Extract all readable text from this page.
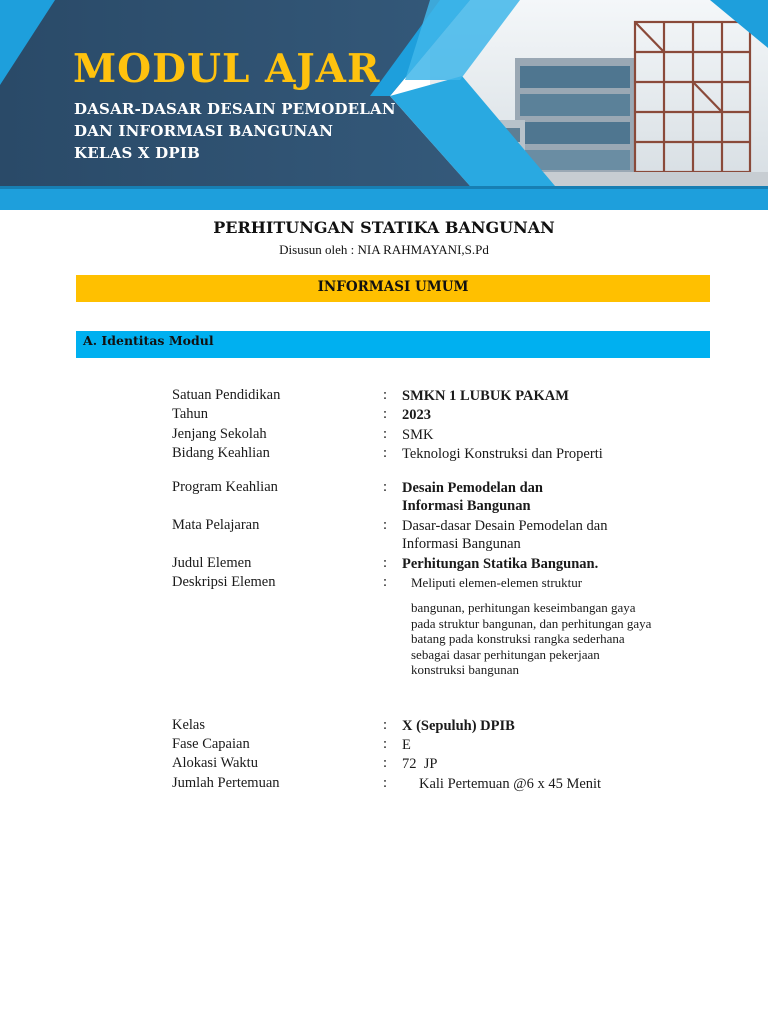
MODUL AJAR
DASAR-DASAR DESAIN PEMODELAN
DAN INFORMASI BANGUNAN
KELAS X DPIB
PERHITUNGAN STATIKA BANGUNAN
Disusun oleh : NIA RAHMAYANI,S.Pd
INFORMASI UMUM
A. Identitas Modul
Satuan Pendidikan	: SMKN 1 LUBUK PAKAM
Tahun	: 2023
Jenjang Sekolah	: SMK
Bidang Keahlian	: Teknologi Konstruksi dan Properti
Program Keahlian	: Desain Pemodelan dan
Informasi Bangunan
Mata Pelajaran	: Dasar-dasar Desain Pemodelan dan
Informasi Bangunan
Judul Elemen	: Perhitungan Statika Bangunan.
Deskripsi Elemen	: Meliputi elemen-elemen struktur
bangunan, perhitungan keseimbangan gaya
pada struktur bangunan, dan perhitungan gaya
batang pada konstruksi rangka sederhana
sebagai dasar perhitungan pekerjaan
konstruksi bangunan
Kelas	: X (Sepuluh) DPIB
Fase Capaian	: E
Alokasi Waktu	: 72  JP
Jumlah Pertemuan	: Kali Pertemuan @6 x 45 Menit
